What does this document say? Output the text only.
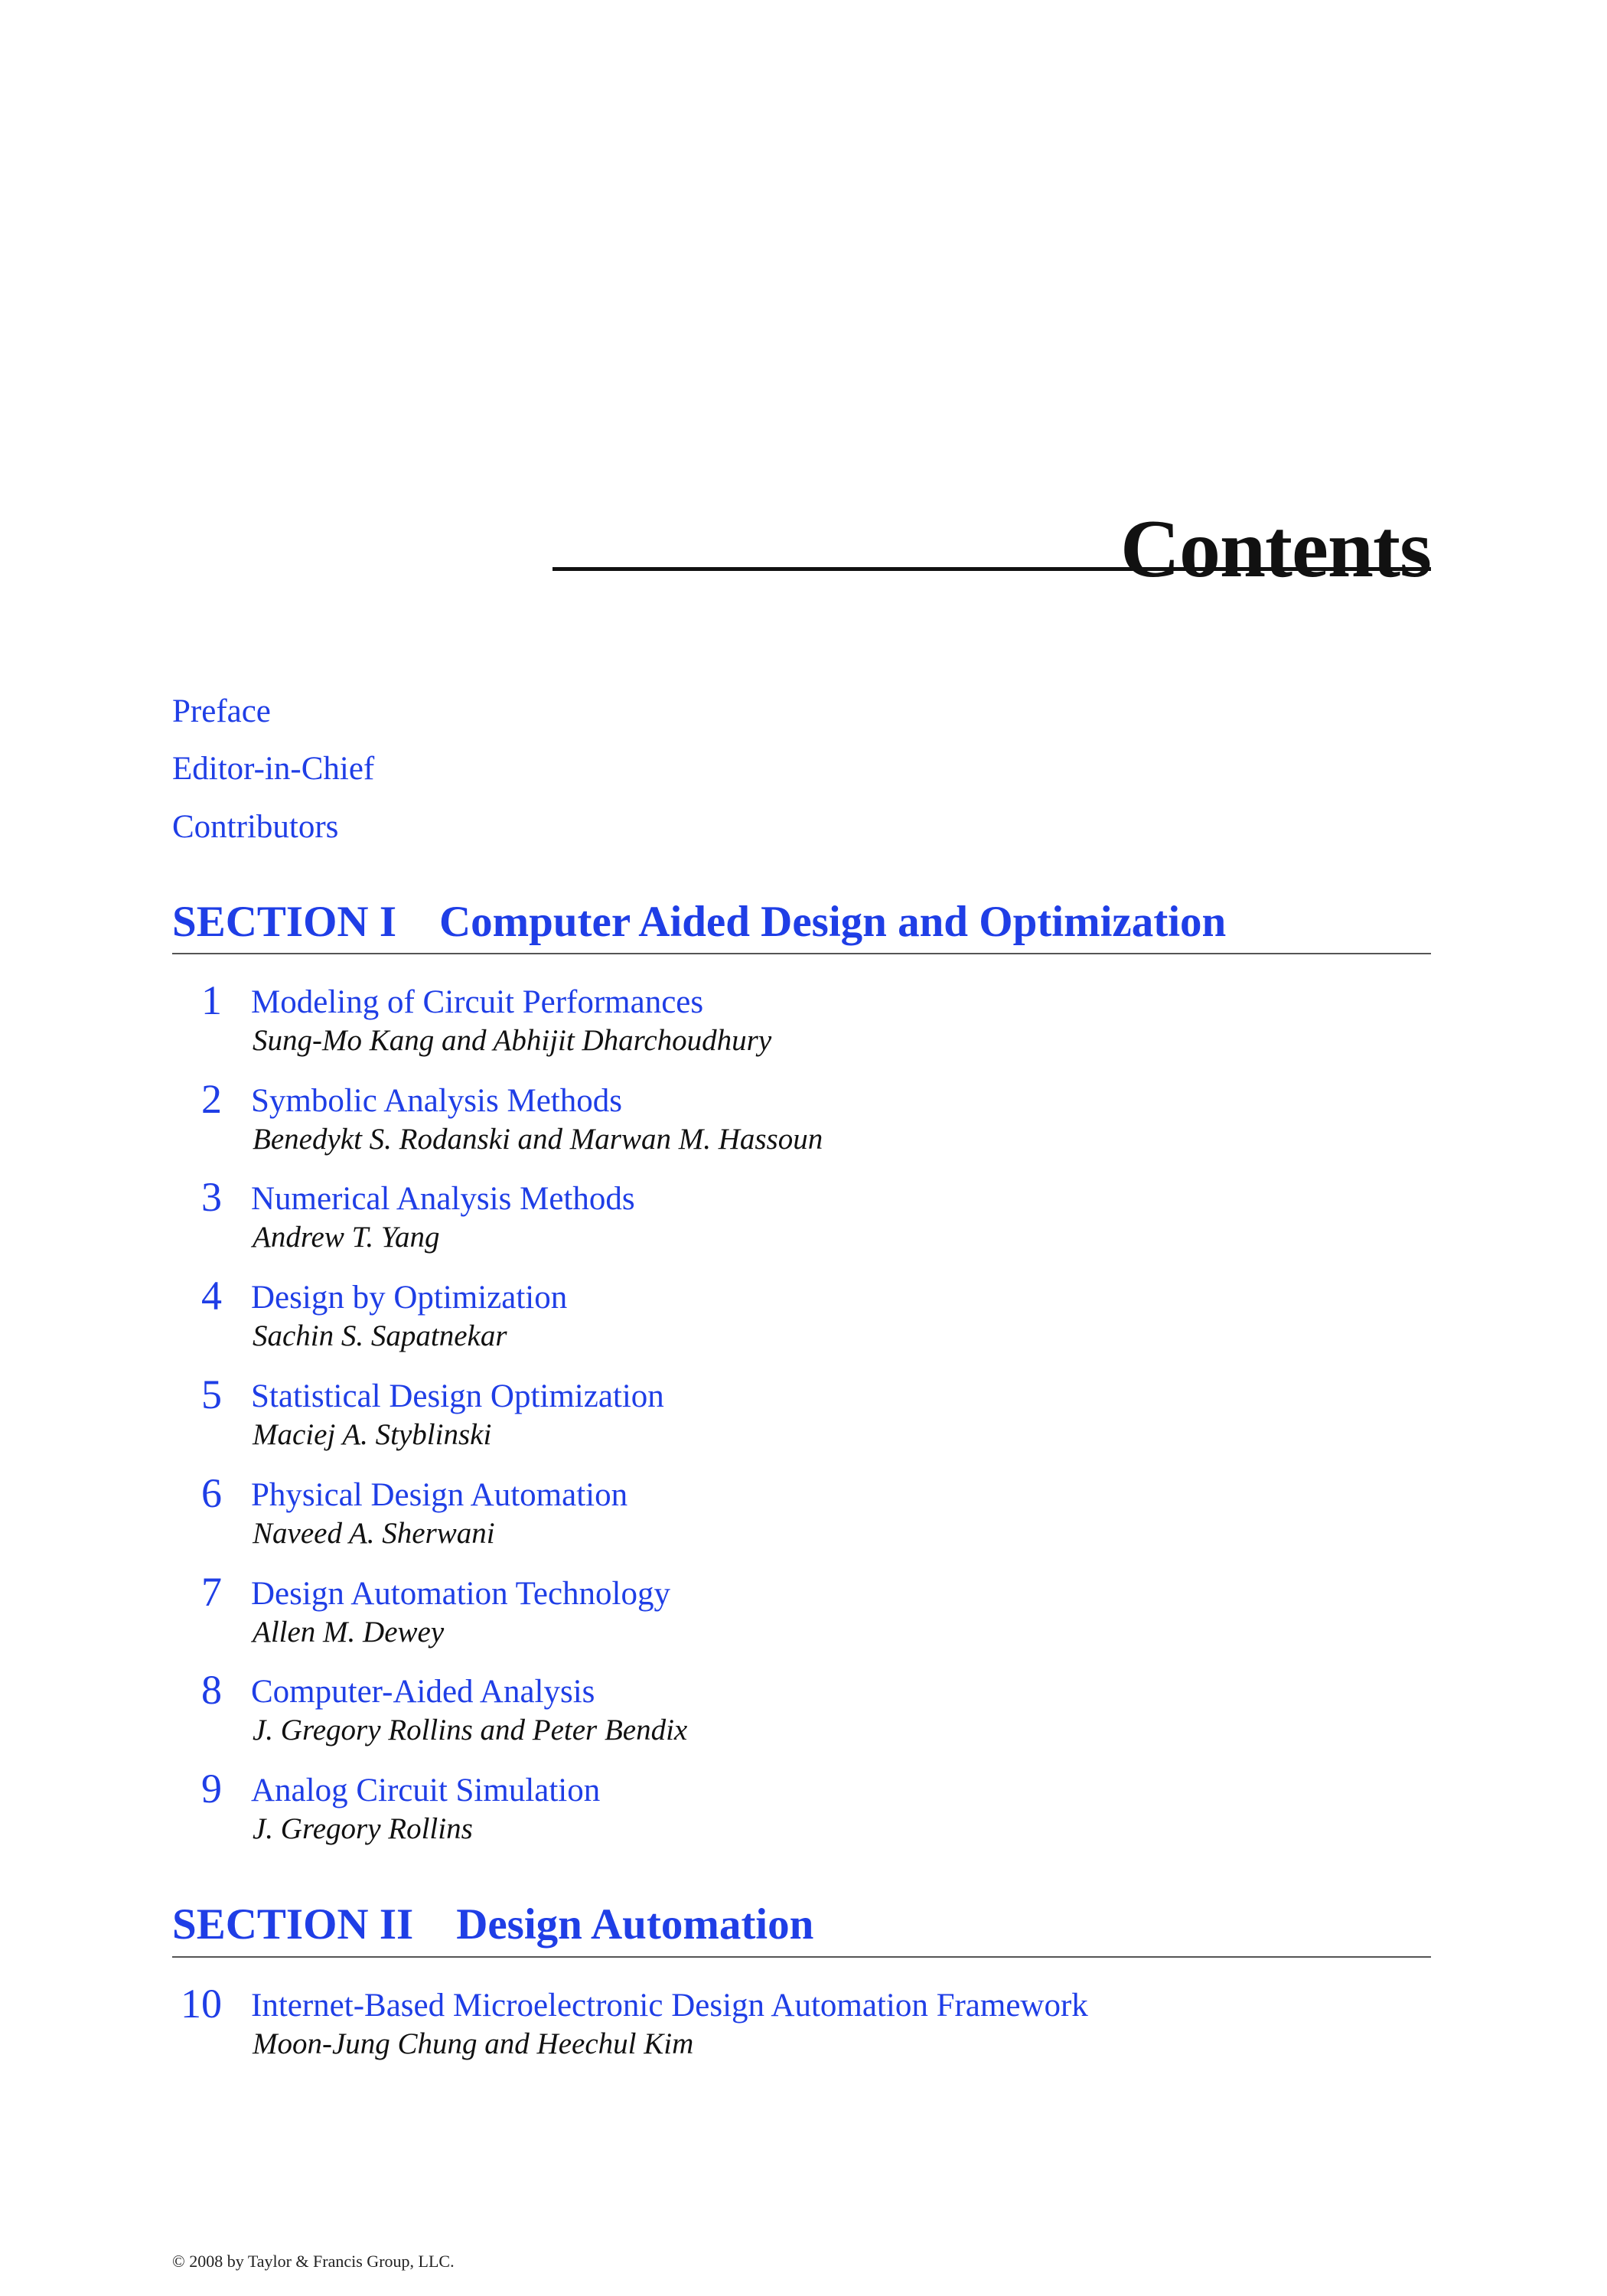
Contents
Preface
Editor-in-Chief
Contributors
SECTION I Computer Aided Design and Optimization
1 Modeling of Circuit Performances
Sung-Mo Kang and Abhijit Dharchoudhury
2 Symbolic Analysis Methods
Benedykt S. Rodanski and Marwan M. Hassoun
3 Numerical Analysis Methods
Andrew T. Yang
4 Design by Optimization
Sachin S. Sapatnekar
5 Statistical Design Optimization
Maciej A. Styblinski
6 Physical Design Automation
Naveed A. Sherwani
7 Design Automation Technology
Allen M. Dewey
8 Computer-Aided Analysis
J. Gregory Rollins and Peter Bendix
9 Analog Circuit Simulation
J. Gregory Rollins
SECTION II Design Automation
10 Internet-Based Microelectronic Design Automation Framework
Moon-Jung Chung and Heechul Kim
© 2008 by Taylor & Francis Group, LLC.
